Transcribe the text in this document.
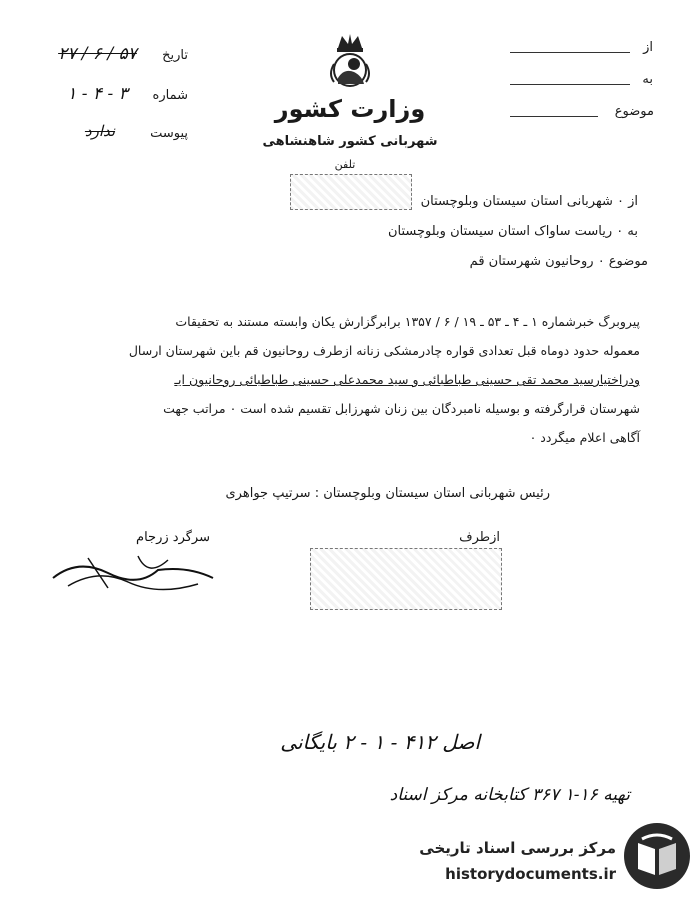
وزارت کشور
شهربانی کشور شاهنشاهی
تلفن
تاریخ
۲۷ / ۶ / ۵۷
شماره
۱ - ۴ - ۳
پیوست
ندارد
از
به
موضوع
از ۰ شهربانی استان سیستان وبلوچستان
به ۰ ریاست ساواک استان سیستان وبلوچستان
موضوع ۰ روحانیون شهرستان قم
پیروبرگ خبرشماره ۱ ـ ۴ ـ ۵۳ ـ ۱۹ / ۶ / ۱۳۵۷ برابرگزارش یکان وابسته مستند به تحقیقات
معموله حدود دوماه قبل تعدادی قواره چادرمشکی زنانه ازطرف روحانیون قم باین شهرستان ارسال
ودراختیارسید محمد تقی حسینی طباطبائی و سید محمدعلی حسینی طباطبائی روحانیون ایـ
شهرستان قرارگرفته و بوسیله نامبردگان بین زنان شهرزابل تقسیم شده است ۰ مراتب جهت
آگاهی اعلام میگردد ۰
رئیس شهربانی استان سیستان وبلوچستان : سرتیپ جواهری
ازطرف
سرگرد زرجام
اصل ۴۱۲ - ۱ - ۲ بایگانی
تهیه ۱۶-۱ ۳۶۷ کتابخانه مرکز اسناد
مرکز بررسی اسناد تاریخی
historydocuments.ir
